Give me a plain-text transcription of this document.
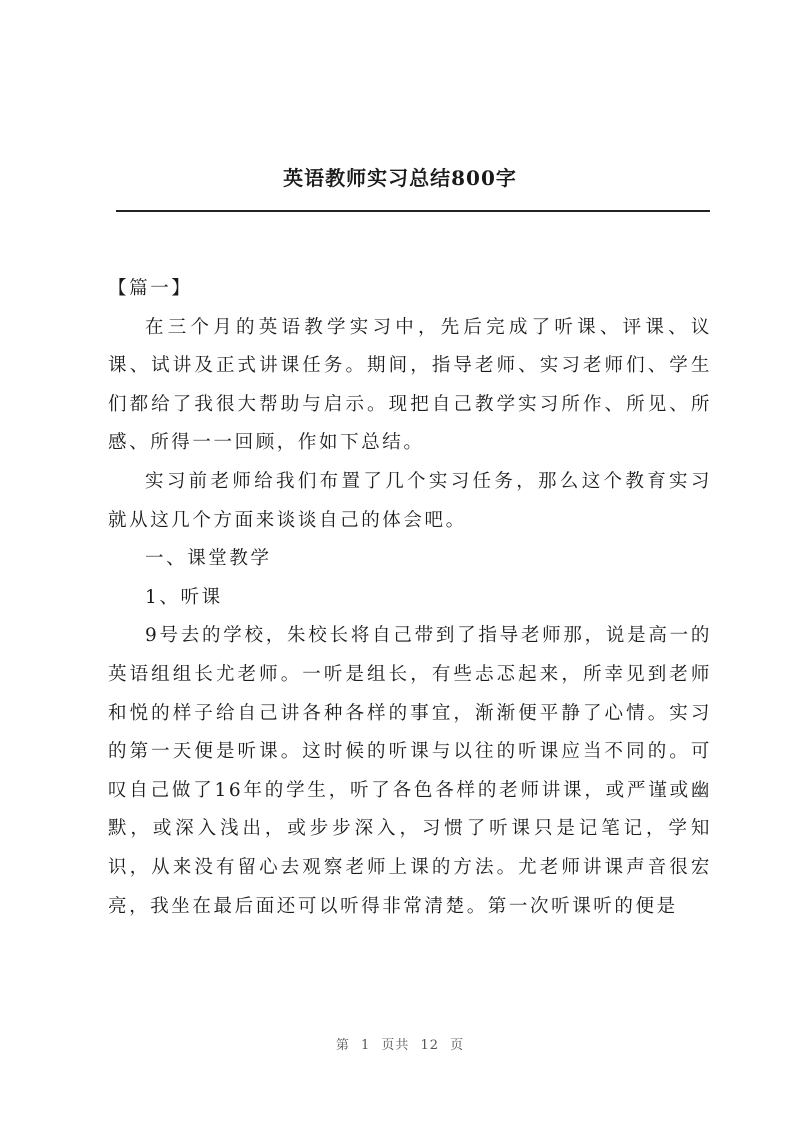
英语教师实习总结800字

【篇一】

在三个月的英语教学实习中，先后完成了听课、评课、议课、试讲及正式讲课任务。期间，指导老师、实习老师们、学生们都给了我很大帮助与启示。现把自己教学实习所作、所见、所感、所得一一回顾，作如下总结。

实习前老师给我们布置了几个实习任务，那么这个教育实习就从这几个方面来谈谈自己的体会吧。

一、课堂教学

1、听课

9号去的学校，朱校长将自己带到了指导老师那，说是高一的英语组组长尤老师。一听是组长，有些忐忑起来，所幸见到老师和悦的样子给自己讲各种各样的事宜，渐渐便平静了心情。实习的第一天便是听课。这时候的听课与以往的听课应当不同的。可叹自己做了16年的学生，听了各色各样的老师讲课，或严谨或幽默，或深入浅出，或步步深入，习惯了听课只是记笔记，学知识，从来没有留心去观察老师上课的方法。尤老师讲课声音很宏亮，我坐在最后面还可以听得非常清楚。第一次听课听的便是

第 1 页共 12 页
